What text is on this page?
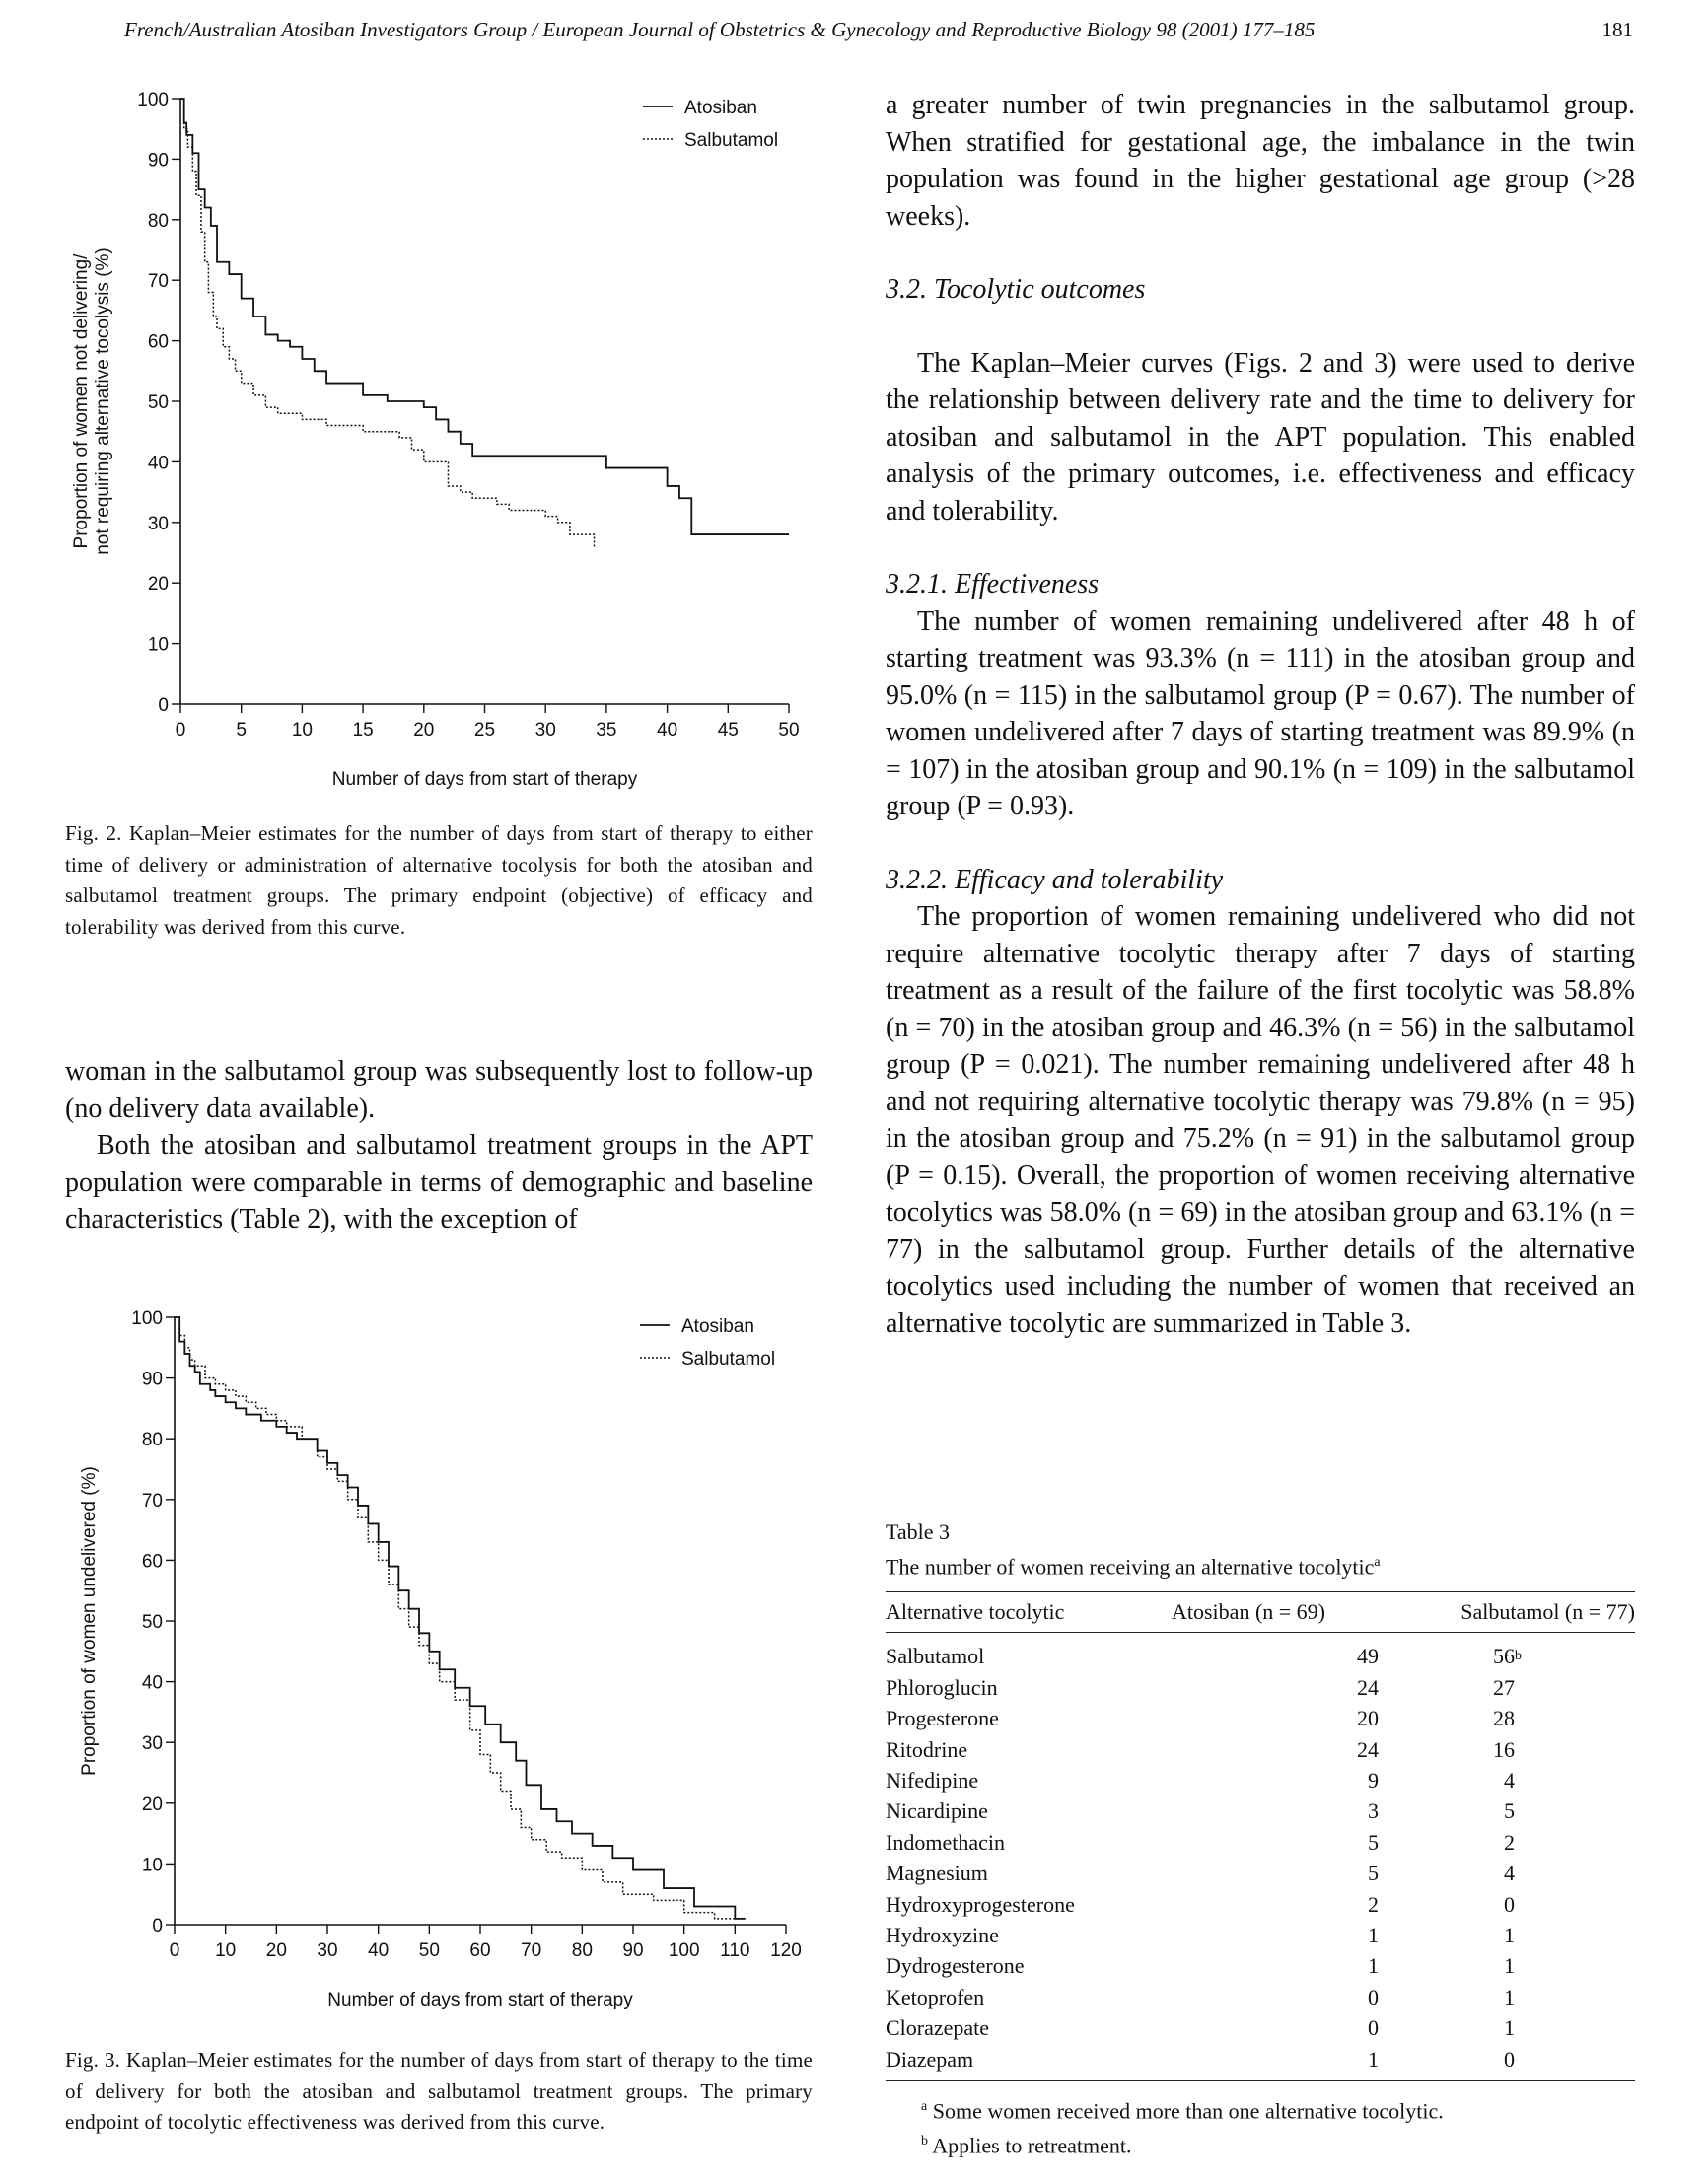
French/Australian Atosiban Investigators Group / European Journal of Obstetrics & Gynecology and Reproductive Biology 98 (2001) 177–185	181
0
10
20
30
40
50
60
70
80
90
100
0	5 10 15 20 25 30 35 40 45 50
Number of days from start of therapy
Proportion of women not delivering/ not requiring alternative tocolysis (%)
Atosiban
Salbutamol
Fig. 2. Kaplan–Meier estimates for the number of days from start of therapy to either time of delivery or administration of alternative tocolysis for both the atosiban and salbutamol treatment groups. The primary endpoint (objective) of efficacy and tolerability was derived from this curve.

woman in the salbutamol group was subsequently lost to follow-up (no delivery data available).

Both the atosiban and salbutamol treatment groups in the APT population were comparable in terms of demographic and baseline characteristics (Table 2), with the exception of

0
10
20
30
40
50
60
70
80
90
100
0 10 20 30 40 50 60 70 80 90 100 110 120
Number of days from start of therapy
Proportion of women undelivered (%)
Atosiban
Salbutamol
Fig. 3. Kaplan–Meier estimates for the number of days from start of therapy to the time of delivery for both the atosiban and salbutamol treatment groups. The primary endpoint of tocolytic effectiveness was derived from this curve.

a greater number of twin pregnancies in the salbutamol group. When stratified for gestational age, the imbalance in the twin population was found in the higher gestational age group (>28 weeks).

3.2. Tocolytic outcomes

The Kaplan–Meier curves (Figs. 2 and 3) were used to derive the relationship between delivery rate and the time to delivery for atosiban and salbutamol in the APT population. This enabled analysis of the primary outcomes, i.e. effectiveness and efficacy and tolerability.

3.2.1. Effectiveness

The number of women remaining undelivered after 48 h of starting treatment was 93.3% (n = 111) in the atosiban group and 95.0% (n = 115) in the salbutamol group (P = 0.67). The number of women undelivered after 7 days of starting treatment was 89.9% (n = 107) in the atosiban group and 90.1% (n = 109) in the salbutamol group (P = 0.93).

3.2.2. Efficacy and tolerability

The proportion of women remaining undelivered who did not require alternative tocolytic therapy after 7 days of starting treatment as a result of the failure of the first tocolytic was 58.8% (n = 70) in the atosiban group and 46.3% (n = 56) in the salbutamol group (P = 0.021). The number remaining undelivered after 48 h and not requiring alternative tocolytic therapy was 79.8% (n = 95) in the atosiban group and 75.2% (n = 91) in the salbutamol group (P = 0.15). Overall, the proportion of women receiving alternative tocolytics was 58.0% (n = 69) in the atosiban group and 63.1% (n = 77) in the salbutamol group. Further details of the alternative tocolytics used including the number of women that received an alternative tocolytic are summarized in Table 3.

Table 3
The number of women receiving an alternative tocolytic$^a$
Alternative tocolytic	Atosiban (n = 69)	Salbutamol (n = 77)
Salbutamol	49	56 b

Phloroglucin	24	27
Progesterone	20	28
Ritodrine	24	16
Nifedipine	9	4
Nicardipine	3	5
Indomethacin	5	2
Magnesium	5	4
Hydroxyprogesterone	2	0
Hydroxyzine	1	1
Dydrogesterone	1	1
Ketoprofen	0	1
Clorazepate	0	1
Diazepam	1	0
$^a$ Some women received more than one alternative tocolytic.
$^b$ Applies to retreatment.
